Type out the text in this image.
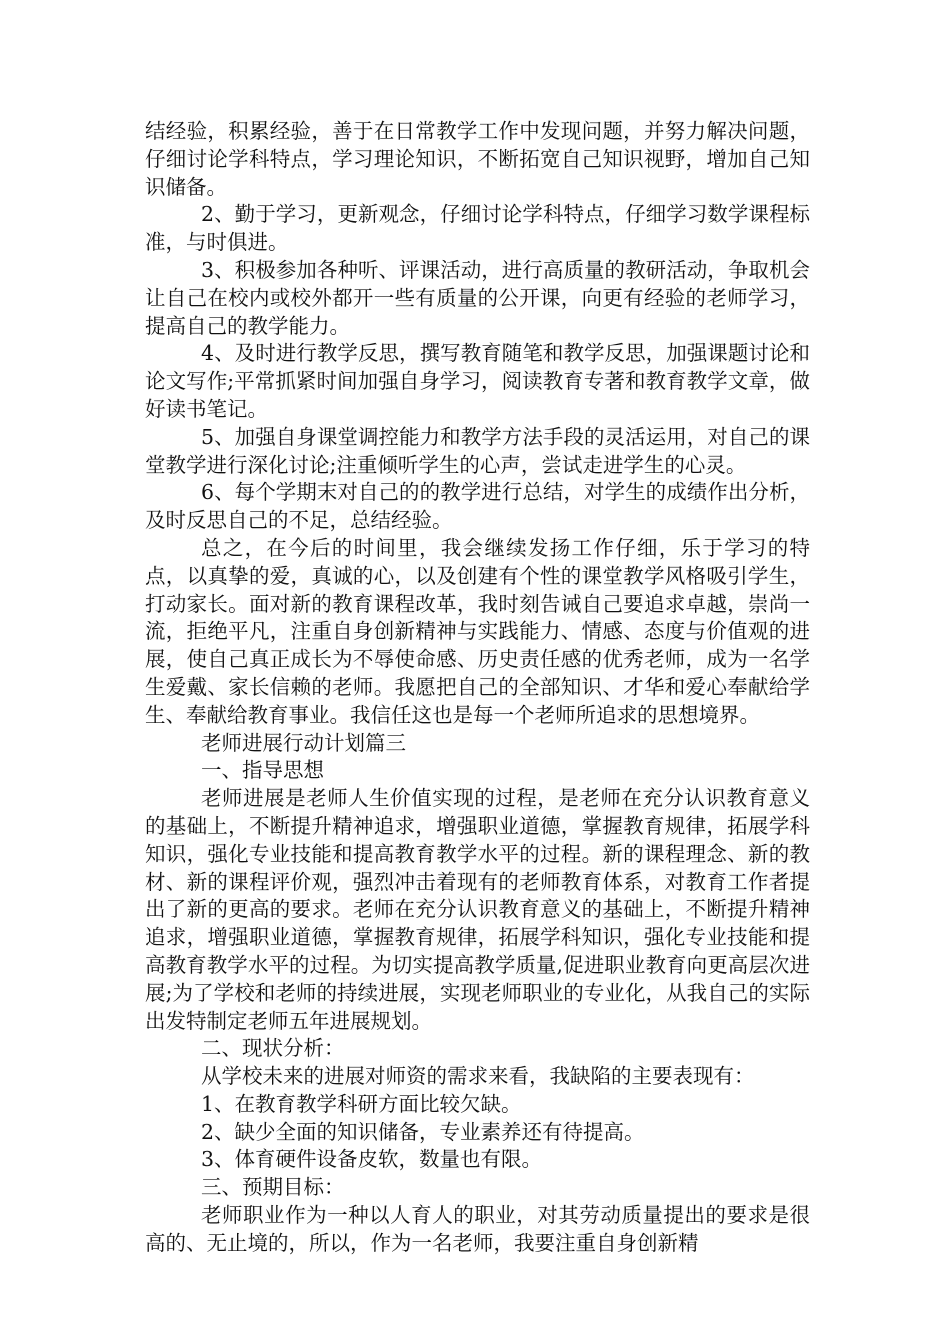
结经验，积累经验，善于在日常教学工作中发现问题，并努力解决问题，仔细讨论学科特点，学习理论知识，不断拓宽自己知识视野，增加自己知识储备。

2、勤于学习，更新观念，仔细讨论学科特点，仔细学习数学课程标准，与时俱进。

3、积极参加各种听、评课活动，进行高质量的教研活动，争取机会让自己在校内或校外都开一些有质量的公开课，向更有经验的老师学习，提高自己的教学能力。

4、及时进行教学反思，撰写教育随笔和教学反思，加强课题讨论和论文写作;平常抓紧时间加强自身学习，阅读教育专著和教育教学文章，做好读书笔记。

5、加强自身课堂调控能力和教学方法手段的灵活运用，对自己的课堂教学进行深化讨论;注重倾听学生的心声，尝试走进学生的心灵。

6、每个学期末对自己的的教学进行总结，对学生的成绩作出分析，及时反思自己的不足，总结经验。

总之，在今后的时间里，我会继续发扬工作仔细，乐于学习的特点，以真挚的爱，真诚的心，以及创建有个性的课堂教学风格吸引学生，打动家长。面对新的教育课程改革，我时刻告诫自己要追求卓越，崇尚一流，拒绝平凡，注重自身创新精神与实践能力、情感、态度与价值观的进展，使自己真正成长为不辱使命感、历史责任感的优秀老师，成为一名学生爱戴、家长信赖的老师。我愿把自己的全部知识、才华和爱心奉献给学生、奉献给教育事业。我信任这也是每一个老师所追求的思想境界。

老师进展行动计划篇三

一、指导思想

老师进展是老师人生价值实现的过程，是老师在充分认识教育意义的基础上，不断提升精神追求，增强职业道德，掌握教育规律，拓展学科知识，强化专业技能和提高教育教学水平的过程。新的课程理念、新的教材、新的课程评价观，强烈冲击着现有的老师教育体系，对教育工作者提出了新的更高的要求。老师在充分认识教育意义的基础上，不断提升精神追求，增强职业道德，掌握教育规律，拓展学科知识，强化专业技能和提高教育教学水平的过程。为切实提高教学质量,促进职业教育向更高层次进展;为了学校和老师的持续进展，实现老师职业的专业化，从我自己的实际出发特制定老师五年进展规划。

二、现状分析：

从学校未来的进展对师资的需求来看，我缺陷的主要表现有：

1、在教育教学科研方面比较欠缺。

2、缺少全面的知识储备，专业素养还有待提高。

3、体育硬件设备皮软，数量也有限。

三、预期目标：

老师职业作为一种以人育人的职业，对其劳动质量提出的要求是很高的、无止境的，所以，作为一名老师，我要注重自身创新精
